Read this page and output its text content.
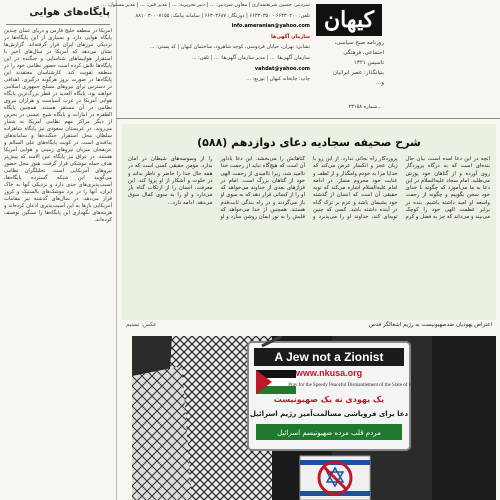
پایگاه‌های هوایی
آمریکا در منطقه خلیج فارس و دریای عمان چندین پایگاه هوایی دارد و بسیاری از این پایگاه‌ها در نزدیکی مرزهای ایران قرار گرفته‌اند. گزارش‌ها نشان می‌دهد که آمریکا در سال‌های اخیر با استقرار هواپیماهای شناسایی و جنگنده در این پایگاه‌ها تلاش کرده است حضور نظامی خود را در منطقه تقویت کند. کارشناسان معتقدند این پایگاه‌ها در صورت بروز هرگونه درگیری، اهدافی در دسترس برای نیروهای مسلح جمهوری اسلامی خواهند بود. پایگاه العدید در قطر بزرگ‌ترین پایگاه هوایی آمریکا در غرب آسیاست و هزاران نیروی نظامی در آن مستقر هستند. همچنین پایگاه الظفره در امارات و پایگاه شیخ عیسی در بحرین از دیگر مراکز مهم نظامی آمریکا به شمار می‌روند. در عربستان سعودی نیز پایگاه شاهزاده سلطان محل استقرار جنگنده‌ها و سامانه‌های پدافندی است. در کویت پایگاه‌های علی السالم و عریفجان میزبان نیروهای زمینی و هوایی آمریکا هستند. در عراق نیز پایگاه عین الاسد که پیش‌تر هدف حمله موشکی قرار گرفت، هنوز محل حضور نیروهای آمریکایی است. تحلیلگران نظامی می‌گویند این شبکه گسترده پایگاه‌ها، آسیب‌پذیری‌های جدی دارد و نزدیکی آنها به خاک ایران، آنها را در برد موشک‌های بالستیک و کروز قرار می‌دهد. در سال‌های گذشته نیز مقامات آمریکایی بارها به این آسیب‌پذیری اذعان کرده‌اند و هزینه‌های نگهداری این پایگاه‌ها را سنگین توصیف کرده‌اند.
کیهان
روزنامه صبح سیاسی،
اجتماعی، فرهنگی
تاسیس ۱۳۲۱
بنیانگذار: عصر ایرانیان
و...
...شماره ۲۳۱۵۸
سردبیر: حسین شریعتمداری | معاون سردبیر: ... | دبیر تحریریه: ... | مدیر فنی: ... | مدیر مسئول: ...
تلفن: ۶۶۳۳۰۲۰۰ - ۶۶۳۳۰۳۵۰ | دورنگار: ۶۶۳۰۲۶۸۷ | سامانه پیامک: ۳۰۰۰۷۱۵۵ ۸۸۱۰
info.ameranian@yahoo.com
سازمان آگهی‌ها
نشانی: تهران، خیابان فردوسی، کوچه شاهرود، ساختمان کیهان | کد پستی: ...
سازمان آگهی‌ها: ... | مدیر سازمان آگهی‌ها: ... | تلفن: ...
vahdat@yahoo.com
چاپ: چاپخانه کیهان | توزیع: ...
شرح صحیفه سجادیه دعای دوازدهم (۵۸۸)
آنچه در این دعا آمده است، بیان حال بنده‌ای است که به درگاه پروردگار روی آورده و از گناهان خود پوزش می‌طلبد. امام سجاد علیه‌السلام در این دعا به ما می‌آموزد که چگونه با خدای خود سخن بگوییم و چگونه از رحمت واسعه او امید داشته باشیم. بنده در برابر عظمت الهی خود را کوچک می‌بیند و می‌داند که جز به فضل و کرم پروردگار راه نجاتی ندارد. از این رو با زبان عجز و انکسار عرض می‌کند که خدایا مرا به خودم وامگذار و از لطف و عنایت خود محروم مساز. در ادامه امام علیه‌السلام اشاره می‌کند که توبه حقیقی آن است که انسان از گذشته خود پشیمان باشد و عزم بر ترک گناه در آینده داشته باشد. کسی که چنین توبه‌ای کند، خداوند او را می‌پذیرد و گناهانش را می‌بخشد. این دعا یادآور آن است که هیچ‌گاه نباید از رحمت خدا ناامید شد، زیرا ناامیدی از رحمت الهی خود از گناهان بزرگ است. امام در فرازهای بعدی از خداوند می‌خواهد که او را از کسانی قرار دهد که به سوی او باز می‌گردند و در راه بندگی ثابت‌قدم هستند. همچنین از خدا می‌خواهد که قلبش را به نور ایمان روشن سازد و او را از وسوسه‌های شیطان در امان بدارد. مؤمن حقیقی کسی است که در همه حال خدا را حاضر و ناظر بداند و در خلوت و آشکار از او پروا کند. این معرفت، انسان را از ارتکاب گناه باز می‌دارد و او را به سوی کمال سوق می‌دهد. ادامه دارد...
اعتراض یهودیان ضدصهیونیست به رژیم اشغالگر قدس
عکس: تسنیم
A Jew not a Zionist
www.nkusa.org
Pray for the Speedy Peaceful Dismantlement of the State of Israel
یک یهودی نه یک صهیونیست
دعا برای فروپاشی مسالمت‌آمیز رژیم اسرائیل
مردم قلب مرده صهیونیسم اسرائیل
